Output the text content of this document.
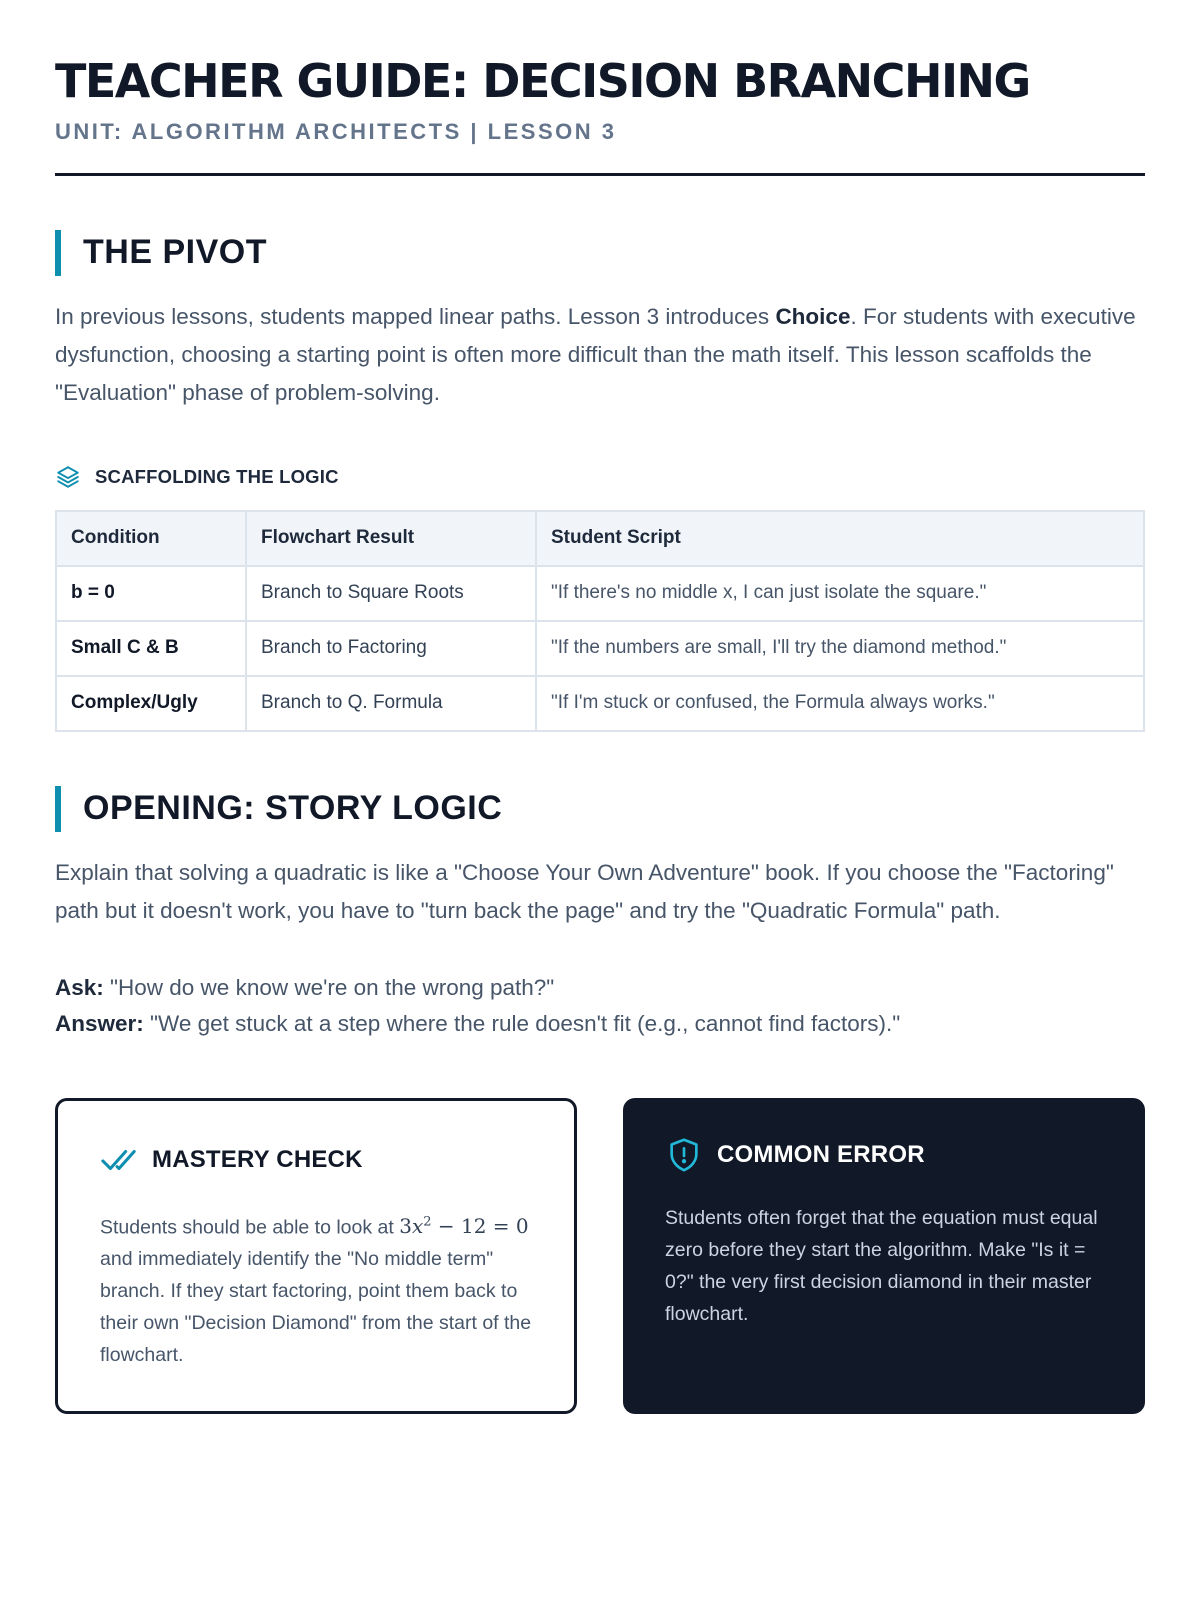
TEACHER GUIDE: DECISION BRANCHING
UNIT: ALGORITHM ARCHITECTS | LESSON 3
THE PIVOT

In previous lessons, students mapped linear paths. Lesson 3 introduces Choice. For students with executive dysfunction, choosing a starting point is often more difficult than the math itself. This lesson scaffolds the "Evaluation" phase of problem-solving.

SCAFFOLDING THE LOGIC
Condition	Flowchart Result	Student Script
b = 0	Branch to Square Roots	"If there's no middle x, I can just isolate the square."
Small C & B	Branch to Factoring	"If the numbers are small, I'll try the diamond method."
Complex/Ugly	Branch to Q. Formula	"If I'm stuck or confused, the Formula always works."
OPENING: STORY LOGIC

Explain that solving a quadratic is like a "Choose Your Own Adventure" book. If you choose the "Factoring" path but it doesn't work, you have to "turn back the page" and try the "Quadratic Formula" path.

Ask: "How do we know we're on the wrong path?"
Answer: "We get stuck at a step where the rule doesn't fit (e.g., cannot find factors)."
MASTERY CHECK
Students should be able to look at $3x^2 - 12 = 0$ and immediately identify the "No middle term" branch. If they start factoring, point them back to their own "Decision Diamond" from the start of the flowchart.
COMMON ERROR
Students often forget that the equation must equal zero before they start the algorithm. Make "Is it = 0?" the very first decision diamond in their master flowchart.
